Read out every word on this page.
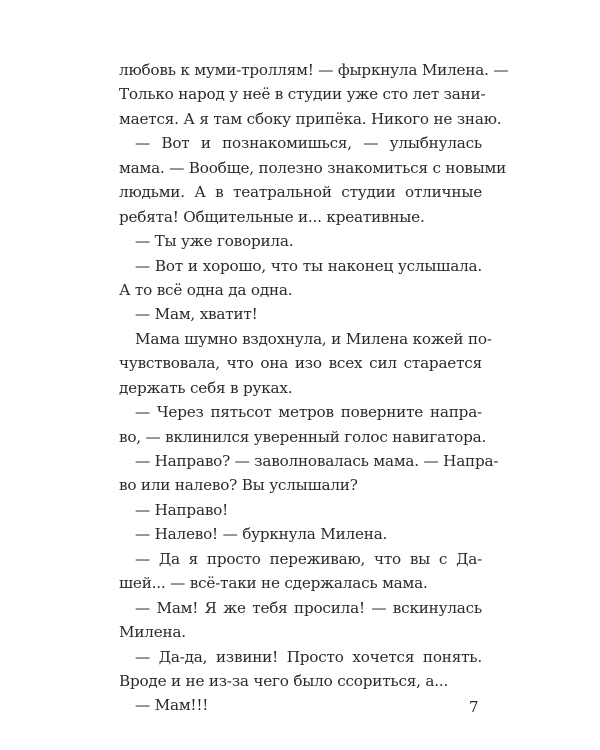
любовь к муми-троллям! — фыркнула Милена. —
Только народ у неё в студии уже сто лет зани-
мается. А я там сбоку припёка. Никого не знаю.
— Вот и познакомишься, — улыбнулась
мама. — Вообще, полезно знакомиться с новыми
людьми. А в театральной студии отличные
ребята! Общительные и... креативные.
— Ты уже говорила.
— Вот и хорошо, что ты наконец услышала.
А то всё одна да одна.
— Мам, хватит!
Мама шумно вздохнула, и Милена кожей по-
чувствовала, что она изо всех сил старается
держать себя в руках.
— Через пятьсот метров поверните напра-
во, — вклинился уверенный голос навигатора.
— Направо? — заволновалась мама. — Напра-
во или налево? Вы услышали?
— Направо!
— Налево! — буркнула Милена.
— Да я просто переживаю, что вы с Да-
шей... — всё-таки не сдержалась мама.
— Мам! Я же тебя просила! — вскинулась
Милена.
— Да-да, извини! Просто хочется понять.
Вроде и не из-за чего было ссориться, а...
— Мам!!!	7
